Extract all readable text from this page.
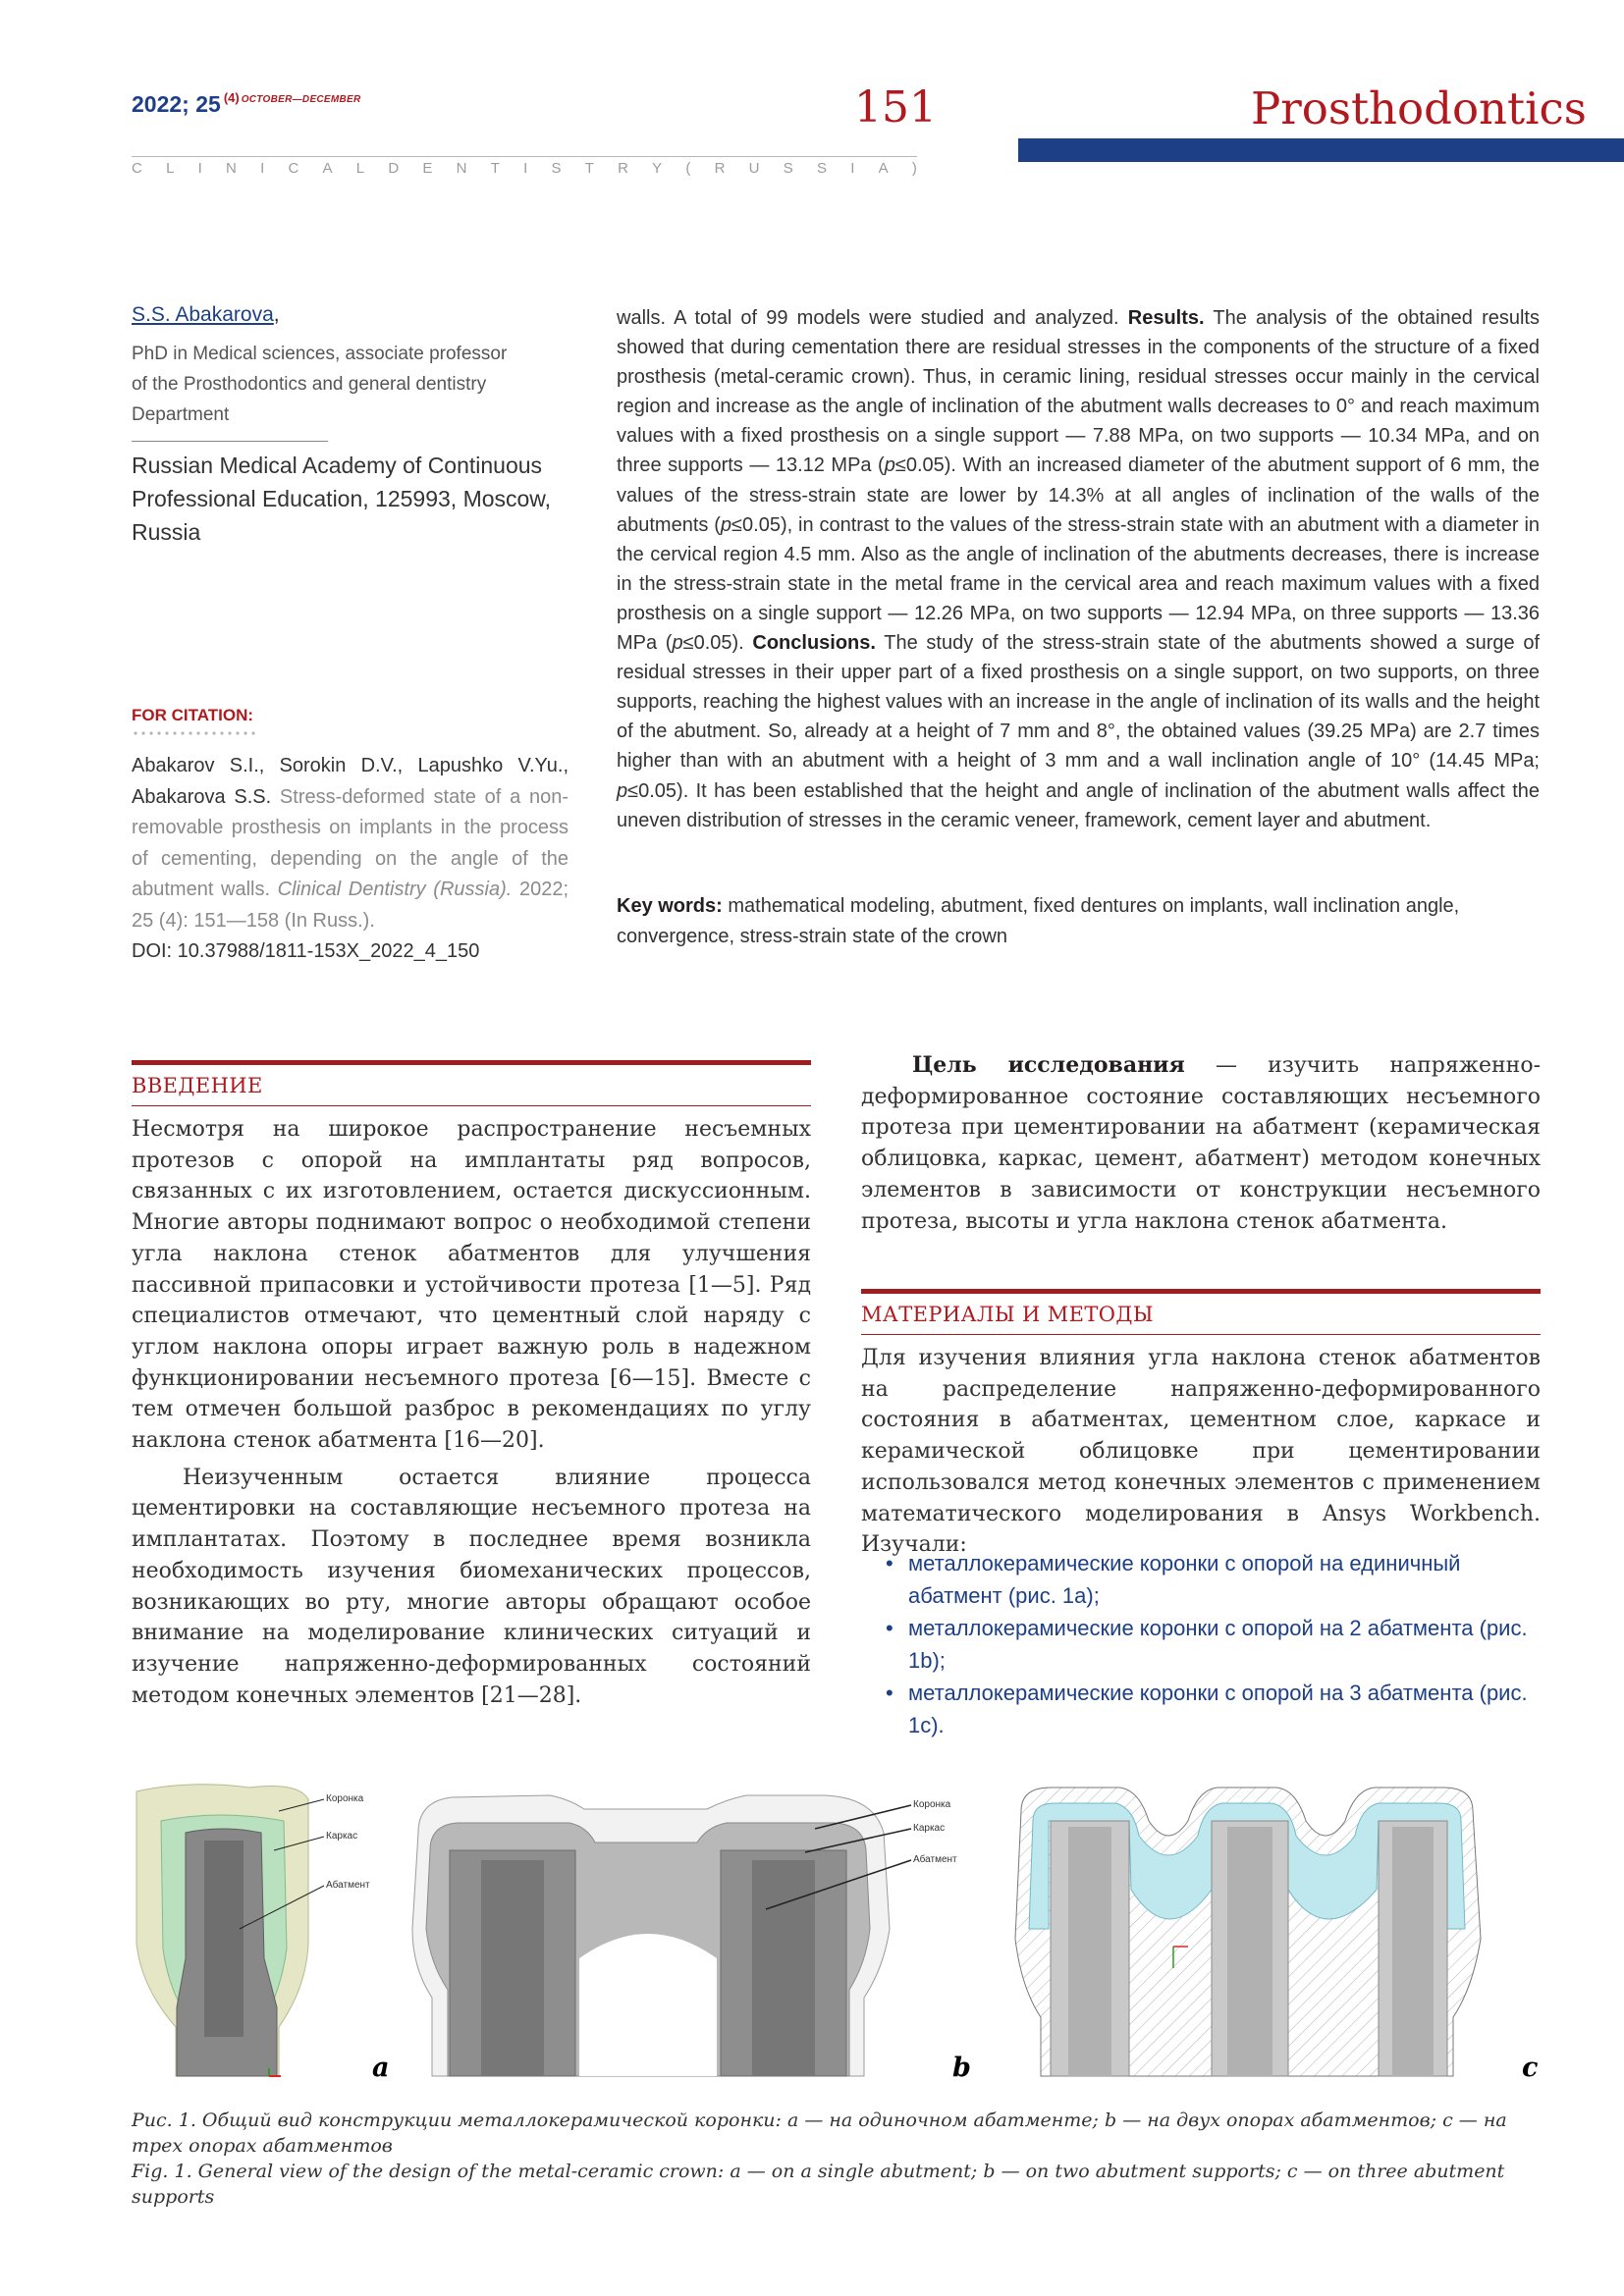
2022; 25 $^{(4)}$ $^{OCTOBER—DECEMBER}$	151
C L I N I C A L D E N T I S T R Y ( R U S S I A )
Prosthodontics
S.S. Abakarova,
PhD in Medical sciences, associate professor
of the Prosthodontics and general dentistry
Department
Russian Medical Academy of Continuous
Professional Education, 125993, Moscow,
Russia
FOR CITATION:
Abakarov S.I., Sorokin D.V., Lapushko V.Yu., Abakarova S.S. Stress-deformed state of a non-removable prosthesis on implants in the process of cementing, depending on the angle of the abutment walls. Clinical Dentistry (Russia). 2022; 25 (4): 151—158 (In Russ.).
DOI: 10.37988/1811-153X_2022_4_150
walls. A total of 99 models were studied and analyzed. Results. The analysis of the obtained results showed that during cementation there are residual stresses in the components of the structure of a fixed prosthesis (metal-ceramic crown). Thus, in ceramic lining, residual stresses occur mainly in the cervical region and increase as the angle of inclination of the abutment walls decreases to 0° and reach maximum values with a fixed prosthesis on a single support — 7.88 MPa, on two supports — 10.34 MPa, and on three supports — 13.12 MPa (p≤0.05). With an increased diameter of the abutment support of 6 mm, the values of the stress-strain state are lower by 14.3% at all angles of inclination of the walls of the abutments (p≤0.05), in contrast to the values of the stress-strain state with an abutment with a diameter in the cervical region 4.5 mm. Also as the angle of inclination of the abutments decreases, there is increase in the stress-strain state in the metal frame in the cervical area and reach maximum values with a fixed prosthesis on a single support — 12.26 MPa, on two supports — 12.94 MPa, on three supports — 13.36 MPa (p≤0.05). Conclusions. The study of the stress-strain state of the abutments showed a surge of residual stresses in their upper part of a fixed prosthesis on a single support, on two supports, on three supports, reaching the highest values with an increase in the angle of inclination of its walls and the height of the abutment. So, already at a height of 7 mm and 8°, the obtained values (39.25 MPa) are 2.7 times higher than with an abutment with a height of 3 mm and a wall inclination angle of 10° (14.45 MPa; p≤0.05). It has been established that the height and angle of inclination of the abutment walls affect the uneven distribution of stresses in the ceramic veneer, framework, cement layer and abutment.
Key words: mathematical modeling, abutment, fixed dentures on implants, wall inclination angle, convergence, stress-strain state of the crown
ВВЕДЕНИЕ

Несмотря на широкое распространение несъемных протезов с опорой на имплантаты ряд вопросов, связанных с их изготовлением, остается дискуссионным. Многие авторы поднимают вопрос о необходимой степени угла наклона стенок абатментов для улучшения пассивной припасовки и устойчивости протеза [1—5]. Ряд специалистов отмечают, что цементный слой наряду с углом наклона опоры играет важную роль в надежном функционировании несъемного протеза [6—15]. Вместе с тем отмечен большой разброс в рекомендациях по углу наклона стенок абатмента [16—20].

Неизученным остается влияние процесса цементировки на составляющие несъемного протеза на имплантатах. Поэтому в последнее время возникла необходимость изучения биомеханических процессов, возникающих во рту, многие авторы обращают особое внимание на моделирование клинических ситуаций и изучение напряженно-деформированных состояний методом конечных элементов [21—28].

Цель исследования — изучить напряженно-деформированное состояние составляющих несъемного протеза при цементировании на абатмент (керамическая облицовка, каркас, цемент, абатмент) методом конечных элементов в зависимости от конструкции несъемного протеза, высоты и угла наклона стенок абатмента.

МАТЕРИАЛЫ И МЕТОДЫ

Для изучения влияния угла наклона стенок абатментов на распределение напряженно-деформированного состояния в абатментах, цементном слое, каркасе и керамической облицовке при цементировании использовался метод конечных элементов с применением математического моделирования в Ansys Workbench. Изучали:

• металлокерамические коронки с опорой на единичный абатмент (рис. 1a);
• металлокерамические коронки с опорой на 2 абатмента (рис. 1b);
• металлокерамические коронки с опорой на 3 абатмента (рис. 1c).
Коронка
Каркас
Абатмент
a
Коронка
Каркас
Абатмент
b	c
Рис. 1. Общий вид конструкции металлокерамической коронки: a — на одиночном абатменте; b — на двух опорах абатментов; c — на трех опорах абатментов
Fig. 1. General view of the design of the metal-ceramic crown: a — on a single abutment; b — on two abutment supports; c — on three abutment supports
